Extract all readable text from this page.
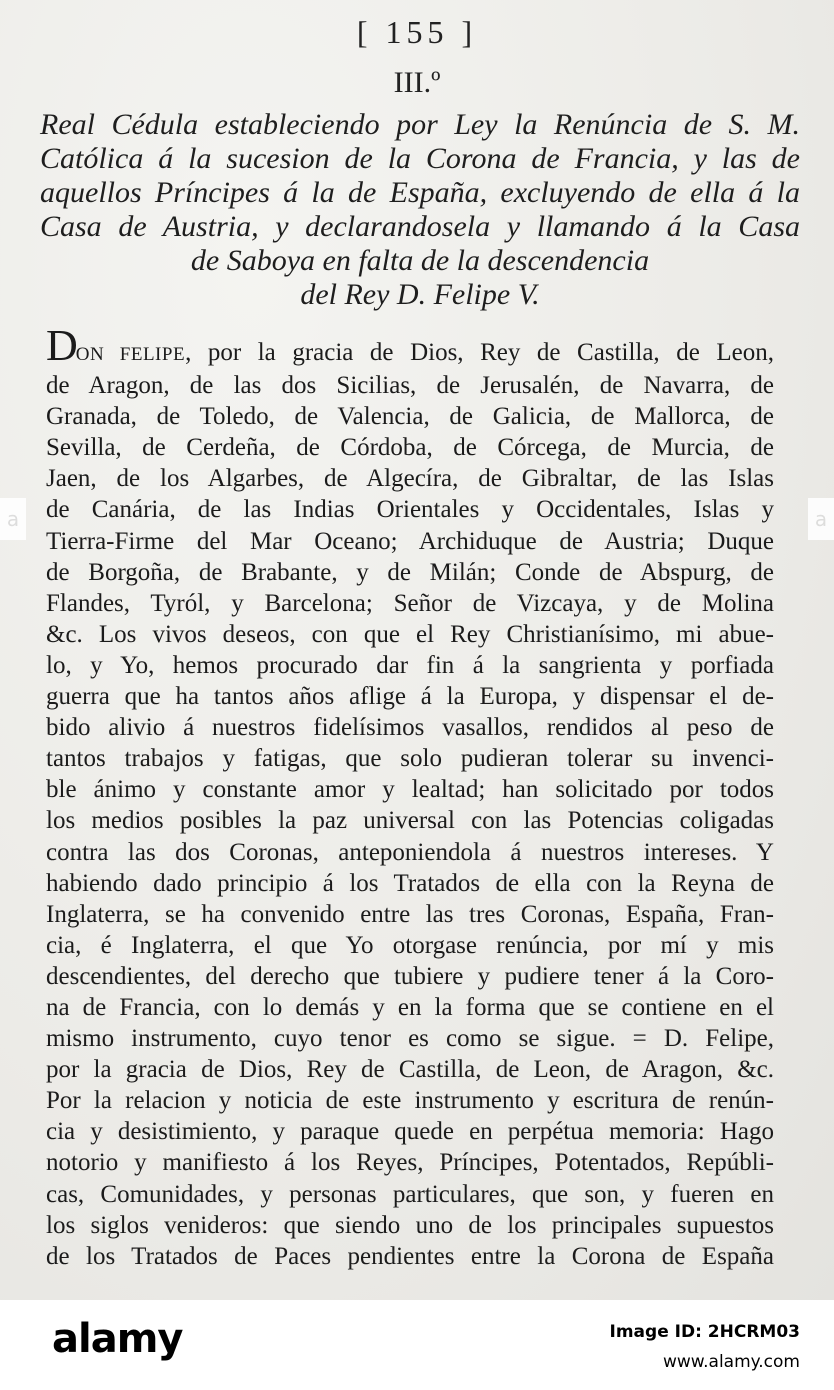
[ 155 ]
III.º
Real Cédula estableciendo por Ley la Renúncia de S. M.
Católica á la sucesion de la Corona de Francia, y las de
aquellos Príncipes á la de España, excluyendo de ella á la
Casa de Austria, y declarandosela y llamando á la Casa
de Saboya en falta de la descendencia
del Rey D. Felipe V.
DON FELIPE, por la gracia de Dios, Rey de Castilla, de Leon,
de Aragon, de las dos Sicilias, de Jerusalén, de Navarra, de
Granada, de Toledo, de Valencia, de Galicia, de Mallorca, de
Sevilla, de Cerdeña, de Córdoba, de Córcega, de Murcia, de
Jaen, de los Algarbes, de Algecíra, de Gibraltar, de las Islas
de Canária, de las Indias Orientales y Occidentales, Islas y
Tierra-Firme del Mar Oceano; Archiduque de Austria; Duque
de Borgoña, de Brabante, y de Milán; Conde de Abspurg, de
Flandes, Tyról, y Barcelona; Señor de Vizcaya, y de Molina
&c. Los vivos deseos, con que el Rey Christianísimo, mi abue-
lo, y Yo, hemos procurado dar fin á la sangrienta y porfiada
guerra que ha tantos años aflige á la Europa, y dispensar el de-
bido alivio á nuestros fidelísimos vasallos, rendidos al peso de
tantos trabajos y fatigas, que solo pudieran tolerar su invenci-
ble ánimo y constante amor y lealtad; han solicitado por todos
los medios posibles la paz universal con las Potencias coligadas
contra las dos Coronas, anteponiendola á nuestros intereses. Y
habiendo dado principio á los Tratados de ella con la Reyna de
Inglaterra, se ha convenido entre las tres Coronas, España, Fran-
cia, é Inglaterra, el que Yo otorgase renúncia, por mí y mis
descendientes, del derecho que tubiere y pudiere tener á la Coro-
na de Francia, con lo demás y en la forma que se contiene en el
mismo instrumento, cuyo tenor es como se sigue. = D. Felipe,
por la gracia de Dios, Rey de Castilla, de Leon, de Aragon, &c.
Por la relacion y noticia de este instrumento y escritura de renún-
cia y desistimiento, y paraque quede en perpétua memoria: Hago
notorio y manifiesto á los Reyes, Príncipes, Potentados, Repúbli-
cas, Comunidades, y personas particulares, que son, y fueren en
los siglos venideros: que siendo uno de los principales supuestos
de los Tratados de Paces pendientes entre la Corona de España
a	a
alamy	Image ID: 2HCRM03
www.alamy.com
